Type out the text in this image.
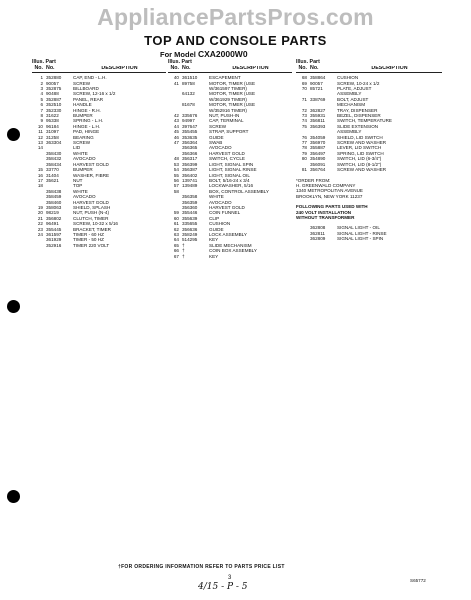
AppliancePartsPros.com
TOP AND CONSOLE PARTS
For Model CXA2000W0
Illus. Part
No. No.	DESCRIPTION
1 352880	CAP, END - L.H.
2 90057	SCREW
3 352875	BILLBOARD
4 90488	SCREW, 12-16 x 1/2
5 352887	PANEL, REAR
6 352510	HANDLE
7 352330	HINGE - R.H.
8 31622	BUMPER
9 95338	SPRING - L.H.
10 96184	HINGE - L.H.
11 31097	PAD, HINGE
12 31258	BEARING
13 363304	SCREW
14	LID
358430	WHITE
358432	AVOCADO
358434	HARVEST GOLD
15 33770	BUMPER
16 31404	WASHER, FIBRE
17 35621	NUT
18	TOP
358438	WHITE
358459	AVOCADO
358460	HARVEST GOLD
19 358063	SHIELD, SPLASH
20 98219	NUT, PUSH (N-4)
21 356802	CLUTCH, TIMER
22 96491	SCREW, 10-32 x 5/16
23 355445	BRACKET, TIMER
24 361597	TIMER - 60 HZ
361929	TIMER - 50 HZ
352916	TIMER 220 VOLT
Illus. Part
No. No.	DESCRIPTION
40 361510	ESCAPEMENT
41 89758	MOTOR, TIMER (USE
W/361597 TIMER)
64132	MOTOR, TIMER (USE
W/361929 TIMER)
81678	MOTOR, TIMER (USE
W/352916 TIMER)
42 335676	NUT, PUSH-IN
43 94997	CAP, TERMINAL
44 397647	SCREW
45 355455	STRAP, SUPPORT
46 353635	GUIDE
47 356364	SWAB
356365	AVOCADO
356366	HARVEST GOLD
48 356317	SWITCH, CYCLE
53 356399	LIGHT, SIGNAL SPIN
54 356387	LIGHT, SIGNAL RINSE
55 356402	LIGHT, SIGNAL OIL
56 139741	BOLT, 5/16-24 x 3/4
57 139489	LOCKWASHER, 5/16
58	BOX, CONTROL ASSEMBLY
356358	WHITE
356359	AVOCADO
356360	HARVEST GOLD
59 355446	COIN FUNNEL
60 355639	CLIP
61 335655	CUSHION
62 356636	GUIDE
63 358249	LOCK ASSEMBLY
64 514295	KEY
65 †	SLIDE MECHANISM
66 †	COIN BOX ASSEMBLY
67 †	KEY
Illus. Part
No. No.	DESCRIPTION
68 358864	CUSHION
69 90057	SCREW, 10-24 x 1/2
70 85721	PLATE, ADJUST
ASSEMBLY
71 338769	BOLT, ADJUST
MECHANISM
72 362827	TRAY, DISPENSER
73 355931	BEZEL, DISPENSER
74 356811	SWITCH, TEMPERATURE
75 356393	SLIDE EXTENSION
ASSEMBLY
76 354059	SHIELD, LID SWITCH
77 356970	SCREW AND WASHER
78 355887	LEVER, LID SWITCH
79 356497	SPRING, LID SWITCH
80 354890	SWITCH, LID (6-3/4")
356091	SWITCH, LID (8-1/2")
81 356764	SCREW AND WASHER
*ORDER FROM:
H. GREENWALD COMPANY
1340 METROPOLITAN AVENUE
BROOKLYN, NEW YORK 11237
FOLLOWING PARTS USED WITH
240 VOLT INSTALLATION
WITHOUT TRANSFORMER
362808	SIGNAL LIGHT - OIL
362811	SIGNAL LIGHT - RINSE
362809	SIGNAL LIGHT - SPIN
†FOR ORDERING INFORMATION REFER TO PARTS PRICE LIST
3
4/15 - P - 5
S65772
